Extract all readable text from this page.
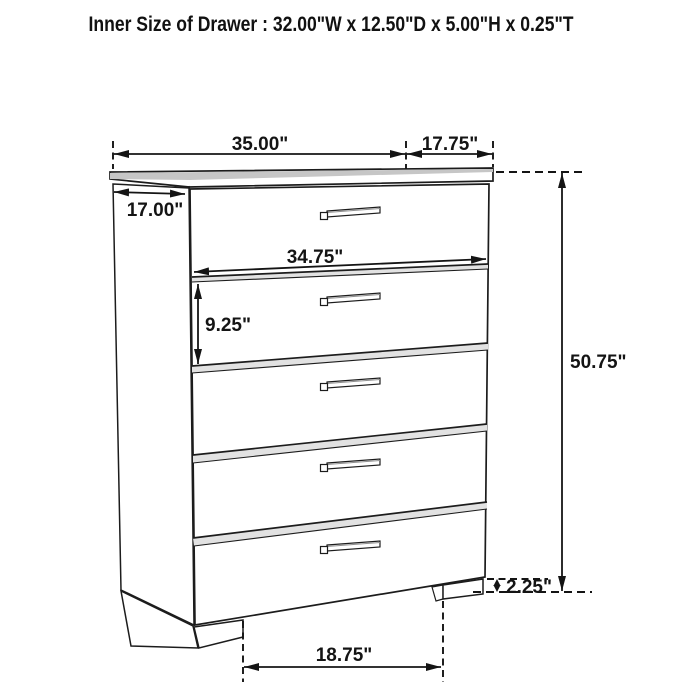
35.00"	17.75"
17.00"
34.75"
9.25"
50.75"
2.25"
18.75"
Inner Size of Drawer : 32.00"W x 12.50"D x 5.00"H x 0.25"T
